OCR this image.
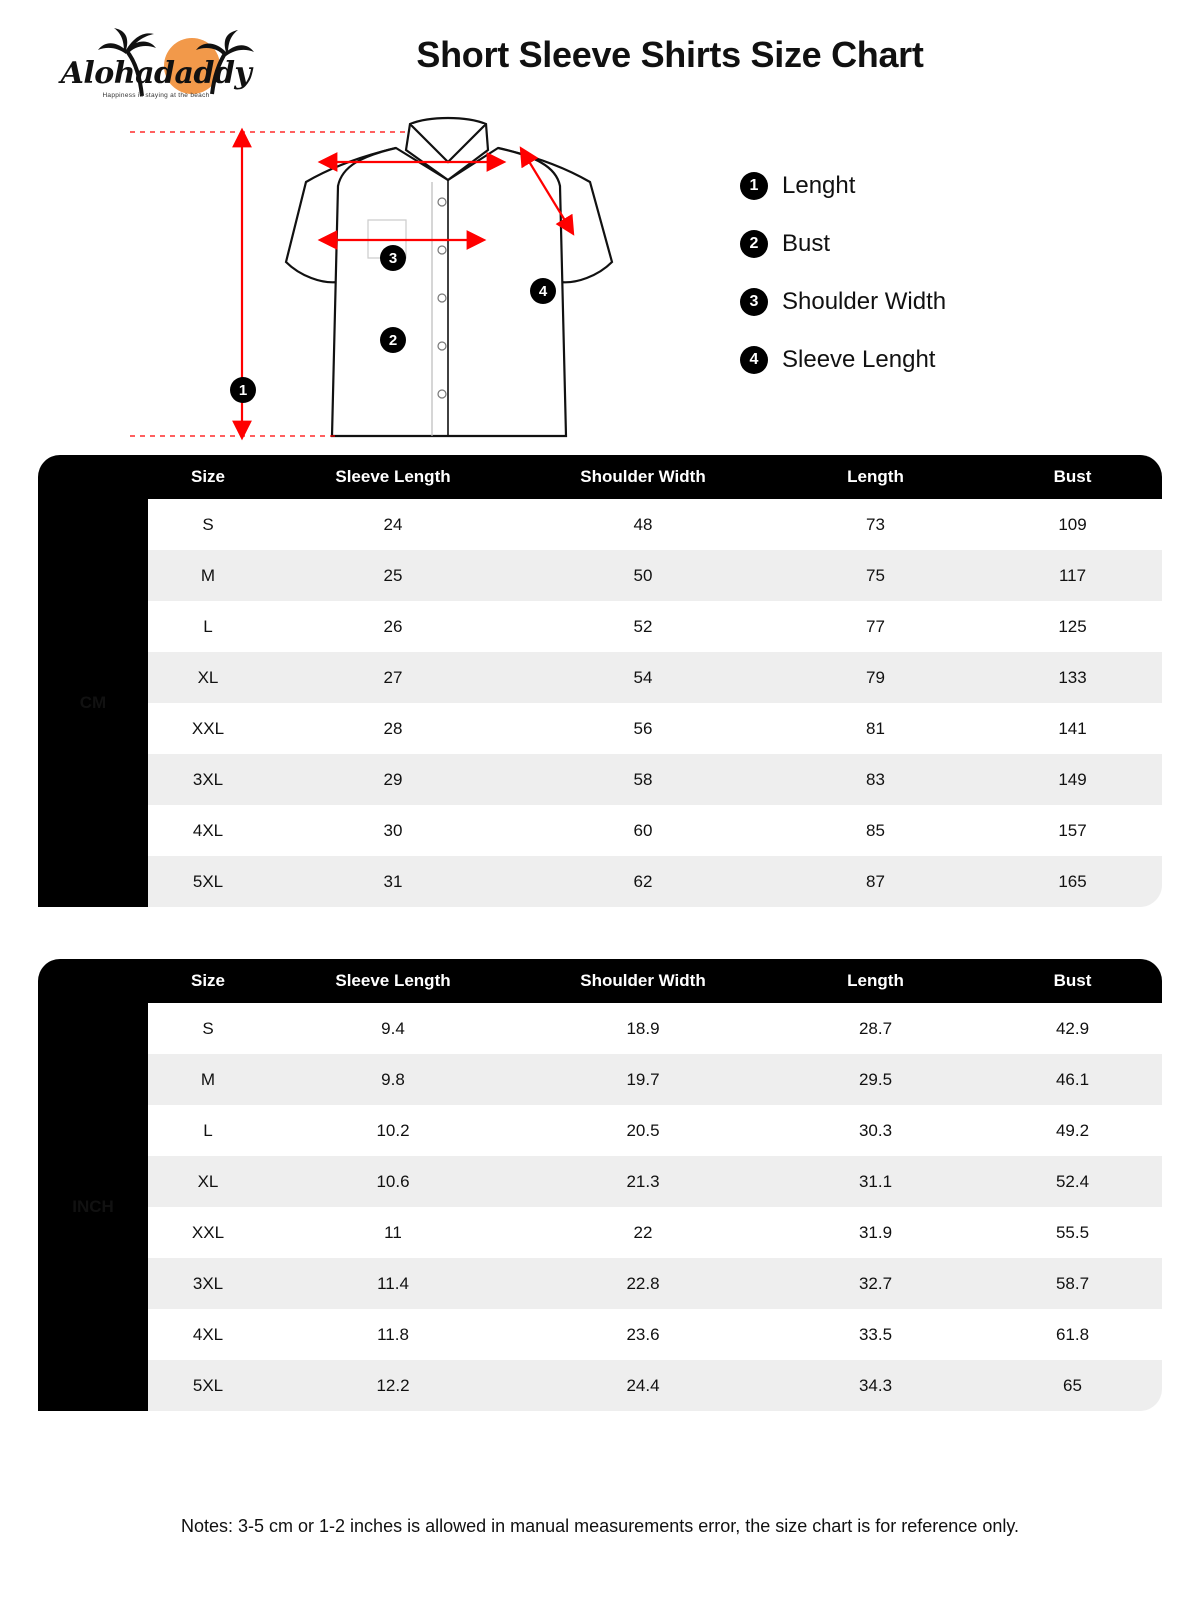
Alohadaddy
Happiness is staying at the beach
Short Sleeve Shirts Size Chart
1
3
2
4
1 Lenght
2 Bust
3 Shoulder Width
4 Sleeve Lenght
	Size	Sleeve Length	Shoulder Width	Length	Bust
CM	S	24	48	73	109
	M	25	50	75	117
	L	26	52	77	125
	XL	27	54	79	133
	XXL	28	56	81	141
	3XL	29	58	83	149
	4XL	30	60	85	157
	5XL	31	62	87	165
	Size	Sleeve Length	Shoulder Width	Length	Bust
INCH	S	9.4	18.9	28.7	42.9
	M	9.8	19.7	29.5	46.1
	L	10.2	20.5	30.3	49.2
	XL	10.6	21.3	31.1	52.4
	XXL	11	22	31.9	55.5
	3XL	11.4	22.8	32.7	58.7
	4XL	11.8	23.6	33.5	61.8
	5XL	12.2	24.4	34.3	65
Notes: 3-5 cm or 1-2 inches is allowed in manual measurements error, the size chart is for reference only.
